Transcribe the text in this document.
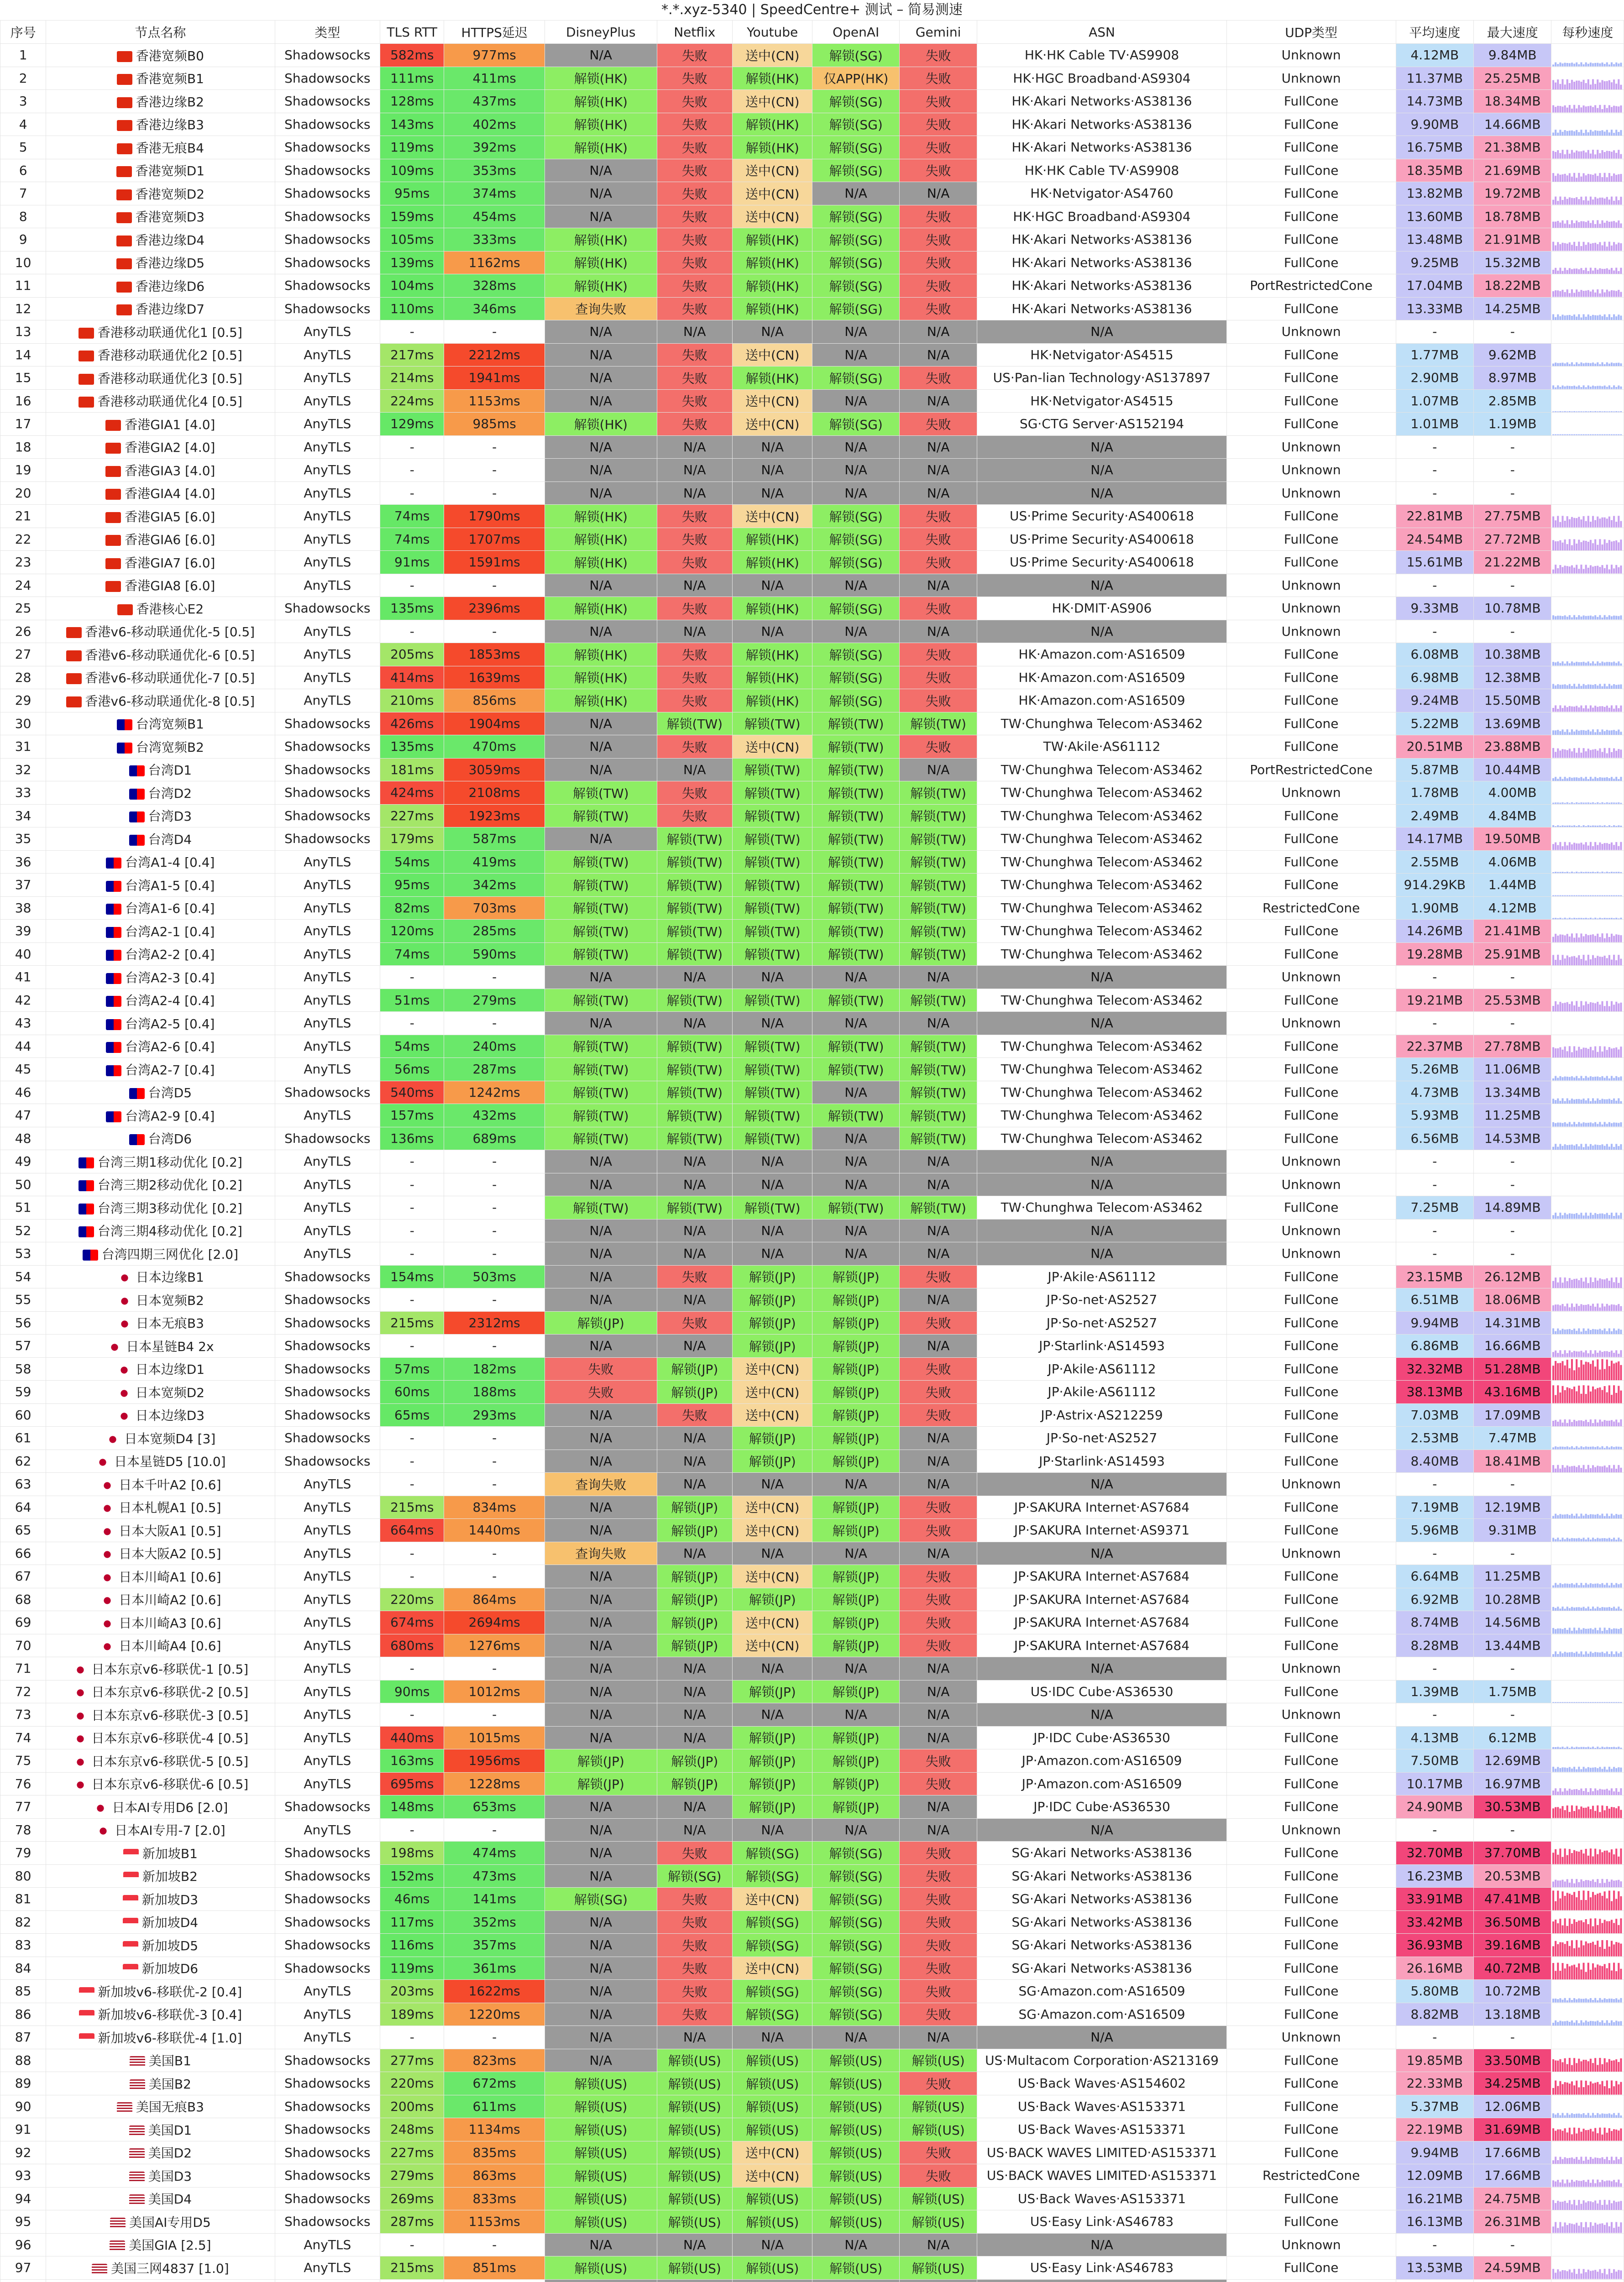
*.*.xyz-5340 | SpeedCentre+ 测试 – 简易测速
序号	节点名称	类型	TLS RTT	HTTPS延迟	DisneyPlus	Netflix	Youtube	OpenAI	Gemini	ASN	UDP类型	平均速度	最大速度	每秒速度
1	香港宽频B0	Shadowsocks	582ms	977ms	N/A	失败	送中(CN)	解锁(SG)	失败	HK·HK Cable TV·AS9908	Unknown	4.12MB	9.84MB	

2	香港宽频B1	Shadowsocks	111ms	411ms	解锁(HK)	失败	解锁(HK)	仅APP(HK)	失败	HK·HGC Broadband·AS9304	Unknown	11.37MB	25.25MB	

3	香港边缘B2	Shadowsocks	128ms	437ms	解锁(HK)	失败	送中(CN)	解锁(SG)	失败	HK·Akari Networks·AS38136	FullCone	14.73MB	18.34MB	

4	香港边缘B3	Shadowsocks	143ms	402ms	解锁(HK)	失败	解锁(HK)	解锁(SG)	失败	HK·Akari Networks·AS38136	FullCone	9.90MB	14.66MB	

5	香港无痕B4	Shadowsocks	119ms	392ms	解锁(HK)	失败	解锁(HK)	解锁(SG)	失败	HK·Akari Networks·AS38136	FullCone	16.75MB	21.38MB	

6	香港宽频D1	Shadowsocks	109ms	353ms	N/A	失败	送中(CN)	解锁(SG)	失败	HK·HK Cable TV·AS9908	FullCone	18.35MB	21.69MB	

7	香港宽频D2	Shadowsocks	95ms	374ms	N/A	失败	送中(CN)	N/A	N/A	HK·Netvigator·AS4760	FullCone	13.82MB	19.72MB	

8	香港宽频D3	Shadowsocks	159ms	454ms	N/A	失败	送中(CN)	解锁(SG)	失败	HK·HGC Broadband·AS9304	FullCone	13.60MB	18.78MB	

9	香港边缘D4	Shadowsocks	105ms	333ms	解锁(HK)	失败	解锁(HK)	解锁(SG)	失败	HK·Akari Networks·AS38136	FullCone	13.48MB	21.91MB	

10	香港边缘D5	Shadowsocks	139ms	1162ms	解锁(HK)	失败	解锁(HK)	解锁(SG)	失败	HK·Akari Networks·AS38136	FullCone	9.25MB	15.32MB	

11	香港边缘D6	Shadowsocks	104ms	328ms	解锁(HK)	失败	解锁(HK)	解锁(SG)	失败	HK·Akari Networks·AS38136	PortRestrictedCone	17.04MB	18.22MB	

12	香港边缘D7	Shadowsocks	110ms	346ms	查询失败	失败	解锁(HK)	解锁(SG)	失败	HK·Akari Networks·AS38136	FullCone	13.33MB	14.25MB	

13	香港移动联通优化1 [0.5]	AnyTLS	-	-	N/A	N/A	N/A	N/A	N/A	N/A	Unknown	-	-	
14	香港移动联通优化2 [0.5]	AnyTLS	217ms	2212ms	N/A	失败	送中(CN)	N/A	N/A	HK·Netvigator·AS4515	FullCone	1.77MB	9.62MB	

15	香港移动联通优化3 [0.5]	AnyTLS	214ms	1941ms	N/A	失败	解锁(HK)	解锁(SG)	失败	US·Pan-lian Technology·AS137897	FullCone	2.90MB	8.97MB	

16	香港移动联通优化4 [0.5]	AnyTLS	224ms	1153ms	N/A	失败	送中(CN)	N/A	N/A	HK·Netvigator·AS4515	FullCone	1.07MB	2.85MB	

17	香港GIA1 [4.0]	AnyTLS	129ms	985ms	解锁(HK)	失败	送中(CN)	解锁(SG)	失败	SG·CTG Server·AS152194	FullCone	1.01MB	1.19MB	

18	香港GIA2 [4.0]	AnyTLS	-	-	N/A	N/A	N/A	N/A	N/A	N/A	Unknown	-	-	
19	香港GIA3 [4.0]	AnyTLS	-	-	N/A	N/A	N/A	N/A	N/A	N/A	Unknown	-	-	
20	香港GIA4 [4.0]	AnyTLS	-	-	N/A	N/A	N/A	N/A	N/A	N/A	Unknown	-	-	
21	香港GIA5 [6.0]	AnyTLS	74ms	1790ms	解锁(HK)	失败	送中(CN)	解锁(SG)	失败	US·Prime Security·AS400618	FullCone	22.81MB	27.75MB	

22	香港GIA6 [6.0]	AnyTLS	74ms	1707ms	解锁(HK)	失败	解锁(HK)	解锁(SG)	失败	US·Prime Security·AS400618	FullCone	24.54MB	27.72MB	

23	香港GIA7 [6.0]	AnyTLS	91ms	1591ms	解锁(HK)	失败	解锁(HK)	解锁(SG)	失败	US·Prime Security·AS400618	FullCone	15.61MB	21.22MB	

24	香港GIA8 [6.0]	AnyTLS	-	-	N/A	N/A	N/A	N/A	N/A	N/A	Unknown	-	-	
25	香港核心E2	Shadowsocks	135ms	2396ms	解锁(HK)	失败	解锁(HK)	解锁(SG)	失败	HK·DMIT·AS906	Unknown	9.33MB	10.78MB	

26	香港v6-移动联通优化-5 [0.5]	AnyTLS	-	-	N/A	N/A	N/A	N/A	N/A	N/A	Unknown	-	-	
27	香港v6-移动联通优化-6 [0.5]	AnyTLS	205ms	1853ms	解锁(HK)	失败	解锁(HK)	解锁(SG)	失败	HK·Amazon.com·AS16509	FullCone	6.08MB	10.38MB	

28	香港v6-移动联通优化-7 [0.5]	AnyTLS	414ms	1639ms	解锁(HK)	失败	解锁(HK)	解锁(SG)	失败	HK·Amazon.com·AS16509	FullCone	6.98MB	12.38MB	

29	香港v6-移动联通优化-8 [0.5]	AnyTLS	210ms	856ms	解锁(HK)	失败	解锁(HK)	解锁(SG)	失败	HK·Amazon.com·AS16509	FullCone	9.24MB	15.50MB	

30	台湾宽频B1	Shadowsocks	426ms	1904ms	N/A	解锁(TW)	解锁(TW)	解锁(TW)	解锁(TW)	TW·Chunghwa Telecom·AS3462	FullCone	5.22MB	13.69MB	

31	台湾宽频B2	Shadowsocks	135ms	470ms	N/A	失败	送中(CN)	解锁(TW)	失败	TW·Akile·AS61112	FullCone	20.51MB	23.88MB	

32	台湾D1	Shadowsocks	181ms	3059ms	N/A	N/A	解锁(TW)	解锁(TW)	N/A	TW·Chunghwa Telecom·AS3462	PortRestrictedCone	5.87MB	10.44MB	

33	台湾D2	Shadowsocks	424ms	2108ms	解锁(TW)	失败	解锁(TW)	解锁(TW)	解锁(TW)	TW·Chunghwa Telecom·AS3462	Unknown	1.78MB	4.00MB	

34	台湾D3	Shadowsocks	227ms	1923ms	解锁(TW)	失败	解锁(TW)	解锁(TW)	解锁(TW)	TW·Chunghwa Telecom·AS3462	FullCone	2.49MB	4.84MB	

35	台湾D4	Shadowsocks	179ms	587ms	N/A	解锁(TW)	解锁(TW)	解锁(TW)	解锁(TW)	TW·Chunghwa Telecom·AS3462	FullCone	14.17MB	19.50MB	

36	台湾A1-4 [0.4]	AnyTLS	54ms	419ms	解锁(TW)	解锁(TW)	解锁(TW)	解锁(TW)	解锁(TW)	TW·Chunghwa Telecom·AS3462	FullCone	2.55MB	4.06MB	

37	台湾A1-5 [0.4]	AnyTLS	95ms	342ms	解锁(TW)	解锁(TW)	解锁(TW)	解锁(TW)	解锁(TW)	TW·Chunghwa Telecom·AS3462	FullCone	914.29KB	1.44MB	

38	台湾A1-6 [0.4]	AnyTLS	82ms	703ms	解锁(TW)	解锁(TW)	解锁(TW)	解锁(TW)	解锁(TW)	TW·Chunghwa Telecom·AS3462	RestrictedCone	1.90MB	4.12MB	

39	台湾A2-1 [0.4]	AnyTLS	120ms	285ms	解锁(TW)	解锁(TW)	解锁(TW)	解锁(TW)	解锁(TW)	TW·Chunghwa Telecom·AS3462	FullCone	14.26MB	21.41MB	

40	台湾A2-2 [0.4]	AnyTLS	74ms	590ms	解锁(TW)	解锁(TW)	解锁(TW)	解锁(TW)	解锁(TW)	TW·Chunghwa Telecom·AS3462	FullCone	19.28MB	25.91MB	

41	台湾A2-3 [0.4]	AnyTLS	-	-	N/A	N/A	N/A	N/A	N/A	N/A	Unknown	-	-	
42	台湾A2-4 [0.4]	AnyTLS	51ms	279ms	解锁(TW)	解锁(TW)	解锁(TW)	解锁(TW)	解锁(TW)	TW·Chunghwa Telecom·AS3462	FullCone	19.21MB	25.53MB	

43	台湾A2-5 [0.4]	AnyTLS	-	-	N/A	N/A	N/A	N/A	N/A	N/A	Unknown	-	-	
44	台湾A2-6 [0.4]	AnyTLS	54ms	240ms	解锁(TW)	解锁(TW)	解锁(TW)	解锁(TW)	解锁(TW)	TW·Chunghwa Telecom·AS3462	FullCone	22.37MB	27.78MB	

45	台湾A2-7 [0.4]	AnyTLS	56ms	287ms	解锁(TW)	解锁(TW)	解锁(TW)	解锁(TW)	解锁(TW)	TW·Chunghwa Telecom·AS3462	FullCone	5.26MB	11.06MB	

46	台湾D5	Shadowsocks	540ms	1242ms	解锁(TW)	解锁(TW)	解锁(TW)	N/A	解锁(TW)	TW·Chunghwa Telecom·AS3462	FullCone	4.73MB	13.34MB	

47	台湾A2-9 [0.4]	AnyTLS	157ms	432ms	解锁(TW)	解锁(TW)	解锁(TW)	解锁(TW)	解锁(TW)	TW·Chunghwa Telecom·AS3462	FullCone	5.93MB	11.25MB	

48	台湾D6	Shadowsocks	136ms	689ms	解锁(TW)	解锁(TW)	解锁(TW)	N/A	解锁(TW)	TW·Chunghwa Telecom·AS3462	FullCone	6.56MB	14.53MB	

49	台湾三期1移动优化 [0.2]	AnyTLS	-	-	N/A	N/A	N/A	N/A	N/A	N/A	Unknown	-	-	
50	台湾三期2移动优化 [0.2]	AnyTLS	-	-	N/A	N/A	N/A	N/A	N/A	N/A	Unknown	-	-	
51	台湾三期3移动优化 [0.2]	AnyTLS	-	-	解锁(TW)	解锁(TW)	解锁(TW)	解锁(TW)	解锁(TW)	TW·Chunghwa Telecom·AS3462	FullCone	7.25MB	14.89MB	

52	台湾三期4移动优化 [0.2]	AnyTLS	-	-	N/A	N/A	N/A	N/A	N/A	N/A	Unknown	-	-	
53	台湾四期三网优化 [2.0]	AnyTLS	-	-	N/A	N/A	N/A	N/A	N/A	N/A	Unknown	-	-	
54	日本边缘B1	Shadowsocks	154ms	503ms	N/A	失败	解锁(JP)	解锁(JP)	失败	JP·Akile·AS61112	FullCone	23.15MB	26.12MB	

55	日本宽频B2	Shadowsocks	-	-	N/A	N/A	解锁(JP)	解锁(JP)	N/A	JP·So-net·AS2527	FullCone	6.51MB	18.06MB	

56	日本无痕B3	Shadowsocks	215ms	2312ms	解锁(JP)	失败	解锁(JP)	解锁(JP)	失败	JP·So-net·AS2527	FullCone	9.94MB	14.31MB	

57	日本星链B4 2x	Shadowsocks	-	-	N/A	N/A	解锁(JP)	解锁(JP)	N/A	JP·Starlink·AS14593	FullCone	6.86MB	16.66MB	

58	日本边缘D1	Shadowsocks	57ms	182ms	失败	解锁(JP)	送中(CN)	解锁(JP)	失败	JP·Akile·AS61112	FullCone	32.32MB	51.28MB	

59	日本宽频D2	Shadowsocks	60ms	188ms	失败	解锁(JP)	送中(CN)	解锁(JP)	失败	JP·Akile·AS61112	FullCone	38.13MB	43.16MB	

60	日本边缘D3	Shadowsocks	65ms	293ms	N/A	失败	送中(CN)	解锁(JP)	失败	JP·Astrix·AS212259	FullCone	7.03MB	17.09MB	

61	日本宽频D4 [3]	Shadowsocks	-	-	N/A	N/A	解锁(JP)	解锁(JP)	N/A	JP·So-net·AS2527	FullCone	2.53MB	7.47MB	

62	日本星链D5 [10.0]	Shadowsocks	-	-	N/A	N/A	解锁(JP)	解锁(JP)	N/A	JP·Starlink·AS14593	FullCone	8.40MB	18.41MB	

63	日本千叶A2 [0.6]	AnyTLS	-	-	查询失败	N/A	N/A	N/A	N/A	N/A	Unknown	-	-	
64	日本札幌A1 [0.5]	AnyTLS	215ms	834ms	N/A	解锁(JP)	送中(CN)	解锁(JP)	失败	JP·SAKURA Internet·AS7684	FullCone	7.19MB	12.19MB	

65	日本大阪A1 [0.5]	AnyTLS	664ms	1440ms	N/A	解锁(JP)	送中(CN)	解锁(JP)	失败	JP·SAKURA Internet·AS9371	FullCone	5.96MB	9.31MB	

66	日本大阪A2 [0.5]	AnyTLS	-	-	查询失败	N/A	N/A	N/A	N/A	N/A	Unknown	-	-	
67	日本川崎A1 [0.6]	AnyTLS	-	-	N/A	解锁(JP)	送中(CN)	解锁(JP)	失败	JP·SAKURA Internet·AS7684	FullCone	6.64MB	11.25MB	

68	日本川崎A2 [0.6]	AnyTLS	220ms	864ms	N/A	解锁(JP)	解锁(JP)	解锁(JP)	失败	JP·SAKURA Internet·AS7684	FullCone	6.92MB	10.28MB	

69	日本川崎A3 [0.6]	AnyTLS	674ms	2694ms	N/A	解锁(JP)	送中(CN)	解锁(JP)	失败	JP·SAKURA Internet·AS7684	FullCone	8.74MB	14.56MB	

70	日本川崎A4 [0.6]	AnyTLS	680ms	1276ms	N/A	解锁(JP)	送中(CN)	解锁(JP)	失败	JP·SAKURA Internet·AS7684	FullCone	8.28MB	13.44MB	

71	日本东京v6-移联优-1 [0.5]	AnyTLS	-	-	N/A	N/A	N/A	N/A	N/A	N/A	Unknown	-	-	
72	日本东京v6-移联优-2 [0.5]	AnyTLS	90ms	1012ms	N/A	N/A	解锁(JP)	解锁(JP)	N/A	US·IDC Cube·AS36530	FullCone	1.39MB	1.75MB	

73	日本东京v6-移联优-3 [0.5]	AnyTLS	-	-	N/A	N/A	N/A	N/A	N/A	N/A	Unknown	-	-	
74	日本东京v6-移联优-4 [0.5]	AnyTLS	440ms	1015ms	N/A	N/A	解锁(JP)	解锁(JP)	N/A	JP·IDC Cube·AS36530	FullCone	4.13MB	6.12MB	

75	日本东京v6-移联优-5 [0.5]	AnyTLS	163ms	1956ms	解锁(JP)	解锁(JP)	解锁(JP)	解锁(JP)	失败	JP·Amazon.com·AS16509	FullCone	7.50MB	12.69MB	

76	日本东京v6-移联优-6 [0.5]	AnyTLS	695ms	1228ms	解锁(JP)	解锁(JP)	解锁(JP)	解锁(JP)	失败	JP·Amazon.com·AS16509	FullCone	10.17MB	16.97MB	

77	日本AI专用D6 [2.0]	Shadowsocks	148ms	653ms	N/A	N/A	解锁(JP)	解锁(JP)	N/A	JP·IDC Cube·AS36530	FullCone	24.90MB	30.53MB	

78	日本AI专用-7 [2.0]	AnyTLS	-	-	N/A	N/A	N/A	N/A	N/A	N/A	Unknown	-	-	
79	新加坡B1	Shadowsocks	198ms	474ms	N/A	失败	解锁(SG)	解锁(SG)	失败	SG·Akari Networks·AS38136	FullCone	32.70MB	37.70MB	

80	新加坡B2	Shadowsocks	152ms	473ms	N/A	解锁(SG)	解锁(SG)	解锁(SG)	失败	SG·Akari Networks·AS38136	FullCone	16.23MB	20.53MB	

81	新加坡D3	Shadowsocks	46ms	141ms	解锁(SG)	失败	送中(CN)	解锁(SG)	失败	SG·Akari Networks·AS38136	FullCone	33.91MB	47.41MB	

82	新加坡D4	Shadowsocks	117ms	352ms	N/A	失败	解锁(SG)	解锁(SG)	失败	SG·Akari Networks·AS38136	FullCone	33.42MB	36.50MB	

83	新加坡D5	Shadowsocks	116ms	357ms	N/A	失败	解锁(SG)	解锁(SG)	失败	SG·Akari Networks·AS38136	FullCone	36.93MB	39.16MB	

84	新加坡D6	Shadowsocks	119ms	361ms	N/A	失败	送中(CN)	解锁(SG)	失败	SG·Akari Networks·AS38136	FullCone	26.16MB	40.72MB	

85	新加坡v6-移联优-2 [0.4]	AnyTLS	203ms	1622ms	N/A	失败	解锁(SG)	解锁(SG)	失败	SG·Amazon.com·AS16509	FullCone	5.80MB	10.72MB	

86	新加坡v6-移联优-3 [0.4]	AnyTLS	189ms	1220ms	N/A	失败	解锁(SG)	解锁(SG)	失败	SG·Amazon.com·AS16509	FullCone	8.82MB	13.18MB	

87	新加坡v6-移联优-4 [1.0]	AnyTLS	-	-	N/A	N/A	N/A	N/A	N/A	N/A	Unknown	-	-	
88	美国B1	Shadowsocks	277ms	823ms	N/A	解锁(US)	解锁(US)	解锁(US)	解锁(US)	US·Multacom Corporation·AS213169	FullCone	19.85MB	33.50MB	

89	美国B2	Shadowsocks	220ms	672ms	解锁(US)	解锁(US)	解锁(US)	解锁(US)	失败	US·Back Waves·AS154602	FullCone	22.33MB	34.25MB	

90	美国无痕B3	Shadowsocks	200ms	611ms	解锁(US)	解锁(US)	解锁(US)	解锁(US)	解锁(US)	US·Back Waves·AS153371	FullCone	5.37MB	12.06MB	

91	美国D1	Shadowsocks	248ms	1134ms	解锁(US)	解锁(US)	解锁(US)	解锁(US)	解锁(US)	US·Back Waves·AS153371	FullCone	22.19MB	31.69MB	

92	美国D2	Shadowsocks	227ms	835ms	解锁(US)	解锁(US)	送中(CN)	解锁(US)	失败	US·BACK WAVES LIMITED·AS153371	FullCone	9.94MB	17.66MB	

93	美国D3	Shadowsocks	279ms	863ms	解锁(US)	解锁(US)	送中(CN)	解锁(US)	失败	US·BACK WAVES LIMITED·AS153371	RestrictedCone	12.09MB	17.66MB	

94	美国D4	Shadowsocks	269ms	833ms	解锁(US)	解锁(US)	解锁(US)	解锁(US)	解锁(US)	US·Back Waves·AS153371	FullCone	16.21MB	24.75MB	

95	美国AI专用D5	Shadowsocks	287ms	1153ms	解锁(US)	解锁(US)	解锁(US)	解锁(US)	解锁(US)	US·Easy Link·AS46783	FullCone	16.13MB	26.31MB	

96	美国GIA [2.5]	AnyTLS	-	-	N/A	N/A	N/A	N/A	N/A	N/A	Unknown	-	-	
97	美国三网4837 [1.0]	AnyTLS	215ms	851ms	解锁(US)	解锁(US)	解锁(US)	解锁(US)	解锁(US)	US·Easy Link·AS46783	FullCone	13.53MB	24.59MB	
